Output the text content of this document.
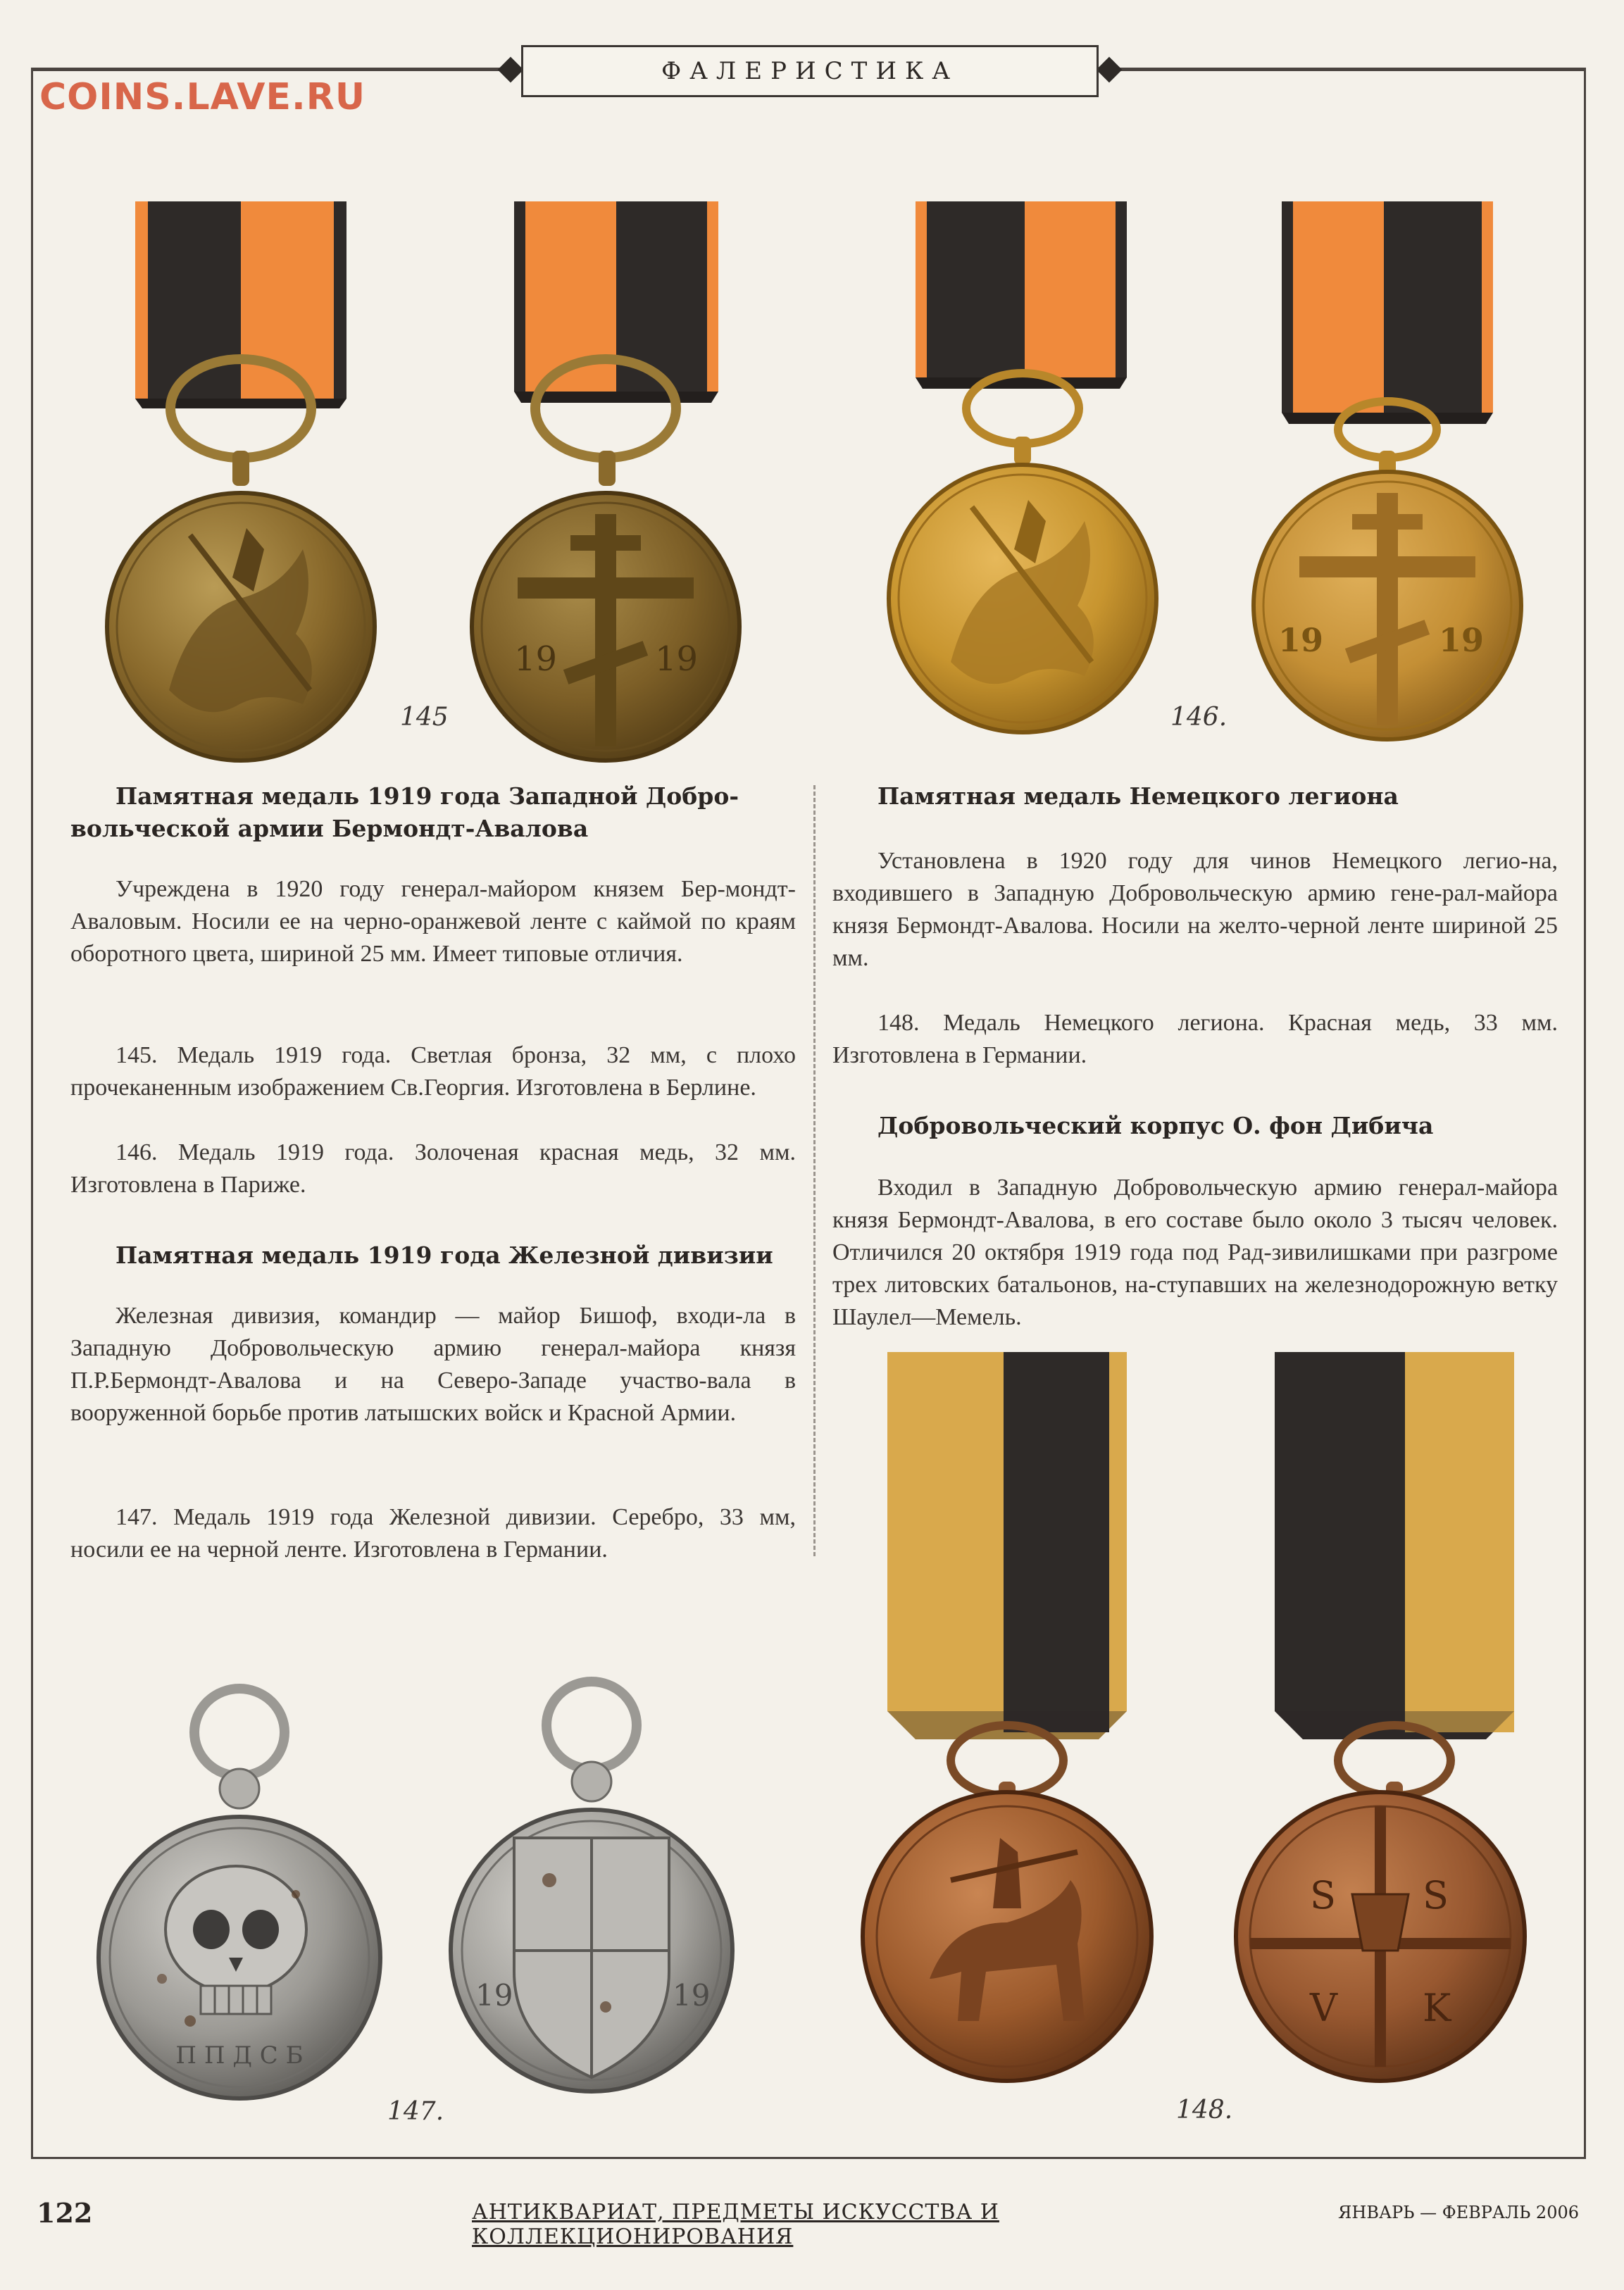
COINS.LAVE.RU
ФАЛЕРИСТИКА
19	19
145
19	19
146.
Памятная медаль 1919 года Западной Добро-вольческой армии Бермондт-Авалова

Учреждена в 1920 году генерал-майором князем Бер-мондт-Аваловым. Носили ее на черно-оранжевой ленте с каймой по краям оборотного цвета, шириной 25 мм. Имеет типовые отличия.

145. Медаль 1919 года. Светлая бронза, 32 мм, с плохо прочеканенным изображением Св.Георгия. Изготовлена в Берлине.

146. Медаль 1919 года. Золоченая красная медь, 32 мм. Изготовлена в Париже.

Памятная медаль 1919 года Железной дивизии

Железная дивизия, командир — майор Бишоф, входи-ла в Западную Добровольческую армию генерал-майора князя П.Р.Бермондт-Авалова и на Северо-Западе участво-вала в вооруженной борьбе против латышских войск и Красной Армии.

147. Медаль 1919 года Железной дивизии. Серебро, 33 мм, носили ее на черной ленте. Изготовлена в Германии.

Памятная медаль Немецкого легиона

Установлена в 1920 году для чинов Немецкого легио-на, входившего в Западную Добровольческую армию гене-рал-майора князя Бермондт-Авалова. Носили на желто-черной ленте шириной 25 мм.

148. Медаль Немецкого легиона. Красная медь, 33 мм. Изготовлена в Германии.

Добровольческий корпус О. фон Дибича

Входил в Западную Добровольческую армию генерал-майора князя Бермондт-Авалова, в его составе было около 3 тысяч человек. Отличился 20 октября 1919 года под Рад-зивилишками при разгроме трех литовских батальонов, на-ступавших на железнодорожную ветку Шаулел—Мемель.

П П Д С Б
19	19
147.
S S
V K
148.
122	АНТИКВАРИАТ, ПРЕДМЕТЫ ИСКУССТВА И КОЛЛЕКЦИОНИРОВАНИЯ
ЯНВАРЬ — ФЕВРАЛЬ 2006
